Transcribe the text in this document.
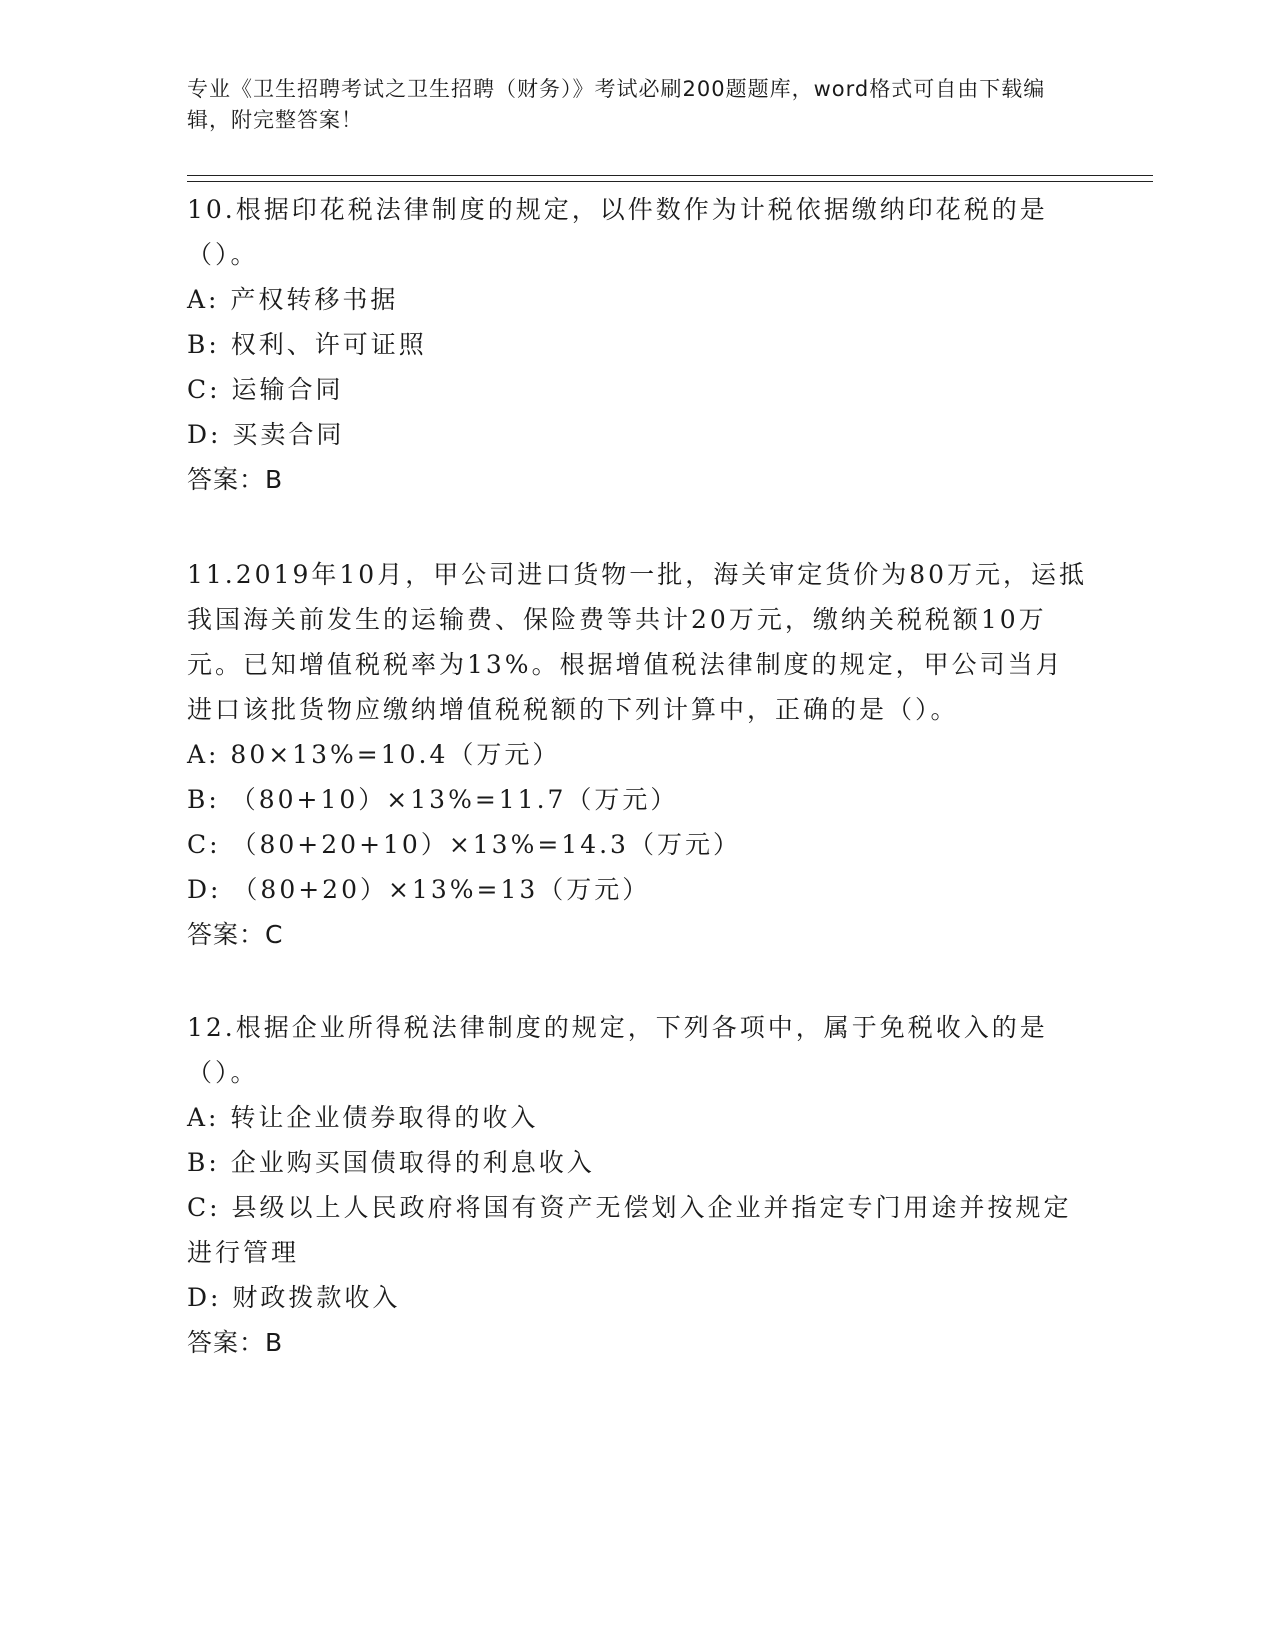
专业《卫生招聘考试之卫生招聘（财务）》考试必刷200题题库，word格式可自由下载编辑，附完整答案！

10.根据印花税法律制度的规定，以件数作为计税依据缴纳印花税的是（）。

A: 产权转移书据
B: 权利、许可证照
C: 运输合同
D: 买卖合同
答案：B

11.2019年10月，甲公司进口货物一批，海关审定货价为80万元，运抵我国海关前发生的运输费、保险费等共计20万元，缴纳关税税额10万元。已知增值税税率为13%。根据增值税法律制度的规定，甲公司当月进口该批货物应缴纳增值税税额的下列计算中，正确的是（）。

A: 80×13%=10.4（万元）
B: （80+10）×13%=11.7（万元）
C: （80+20+10）×13%=14.3（万元）
D: （80+20）×13%=13（万元）
答案：C

12.根据企业所得税法律制度的规定，下列各项中，属于免税收入的是（）。

A: 转让企业债券取得的收入
B: 企业购买国债取得的利息收入
C: 县级以上人民政府将国有资产无偿划入企业并指定专门用途并按规定进行管理
D: 财政拨款收入
答案：B
